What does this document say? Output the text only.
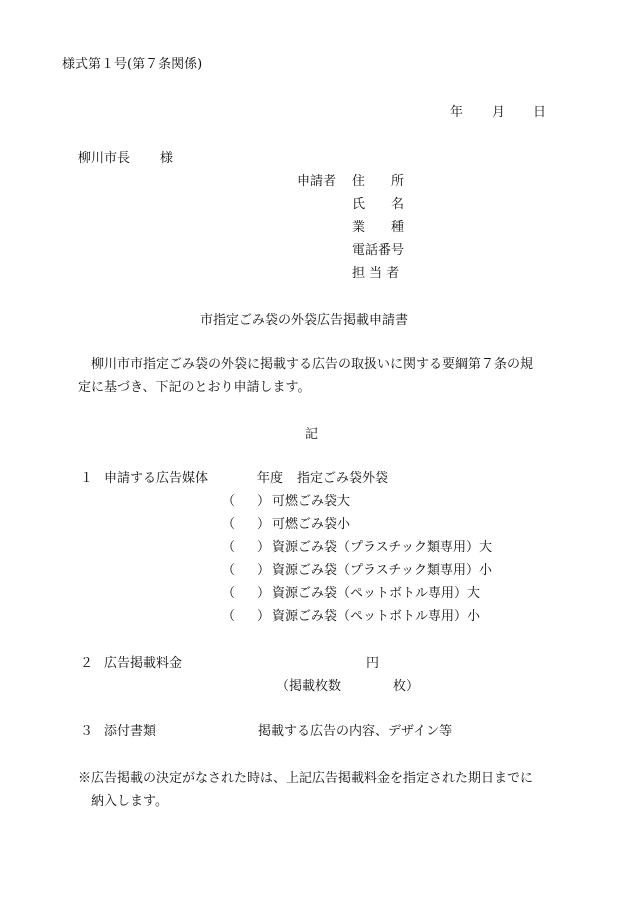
様式第１号(第７条関係)
年 月 日
柳川市長 様
申請者 住　　所
氏　　名
業　　種
電話番号
担 当 者
市指定ごみ袋の外袋広告掲載申請書
柳川市市指定ごみ袋の外袋に掲載する広告の取扱いに関する要綱第７条の規
定に基づき、下記のとおり申請します。
記
１ 申請する広告媒体	年度 指定ごみ袋外袋
（ ） 可燃ごみ袋大
（ ） 可燃ごみ袋小
（ ） 資源ごみ袋（プラスチック類専用）大
（ ） 資源ごみ袋（プラスチック類専用）小
（ ） 資源ごみ袋（ペットボトル専用）大
（ ） 資源ごみ袋（ペットボトル専用）小
２ 広告掲載料金	円
（掲載枚数	枚）
３ 添付書類	掲載する広告の内容、デザイン等
※広告掲載の決定がなされた時は、上記広告掲載料金を指定された期日までに
納入します。
